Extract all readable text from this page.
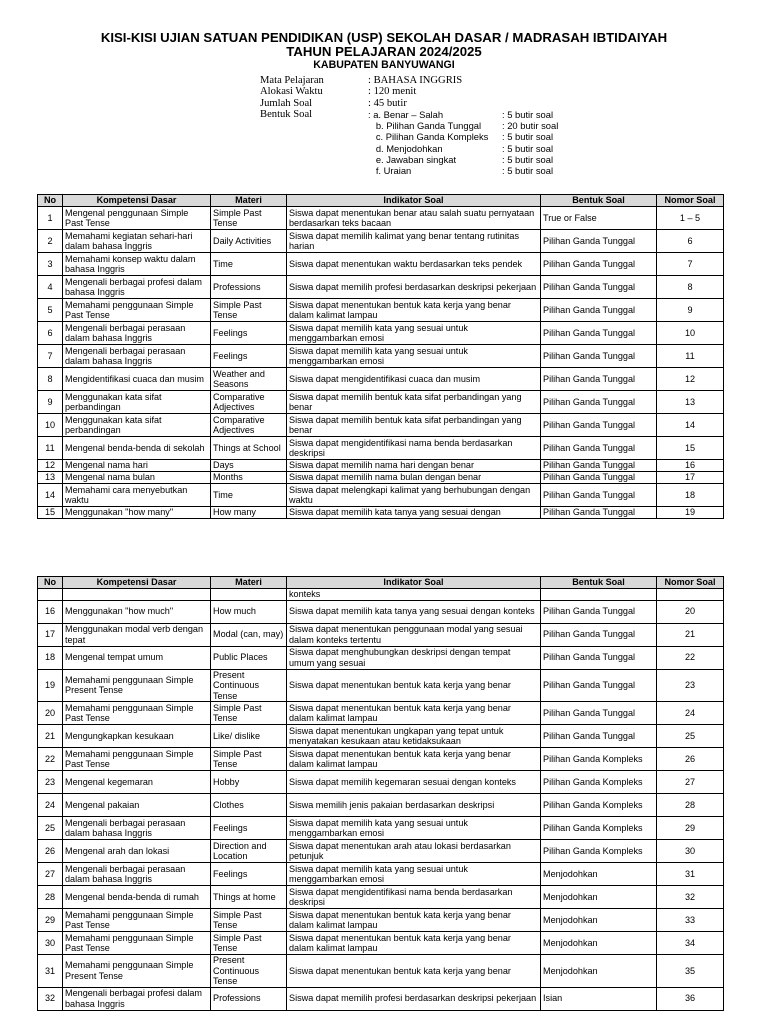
KISI-KISI UJIAN SATUAN PENDIDIKAN (USP) SEKOLAH DASAR / MADRASAH IBTIDAIYAH
TAHUN PELAJARAN 2024/2025
KABUPATEN BANYUWANGI
Mata Pelajaran	: BAHASA INGGRIS
Alokasi Waktu	: 120 menit
Jumlah Soal	: 45 butir
Bentuk Soal	: a. Benar – Salah	: 5 butir soal
b. Pilihan Ganda Tunggal : 20 butir soal
c. Pilihan Ganda Kompleks : 5 butir soal
d. Menjodohkan	: 5 butir soal
e. Jawaban singkat	: 5 butir soal
f. Uraian	: 5 butir soal
No	Kompetensi Dasar	Materi	Indikator Soal	Bentuk Soal	Nomor Soal
1	Mengenal penggunaan Simple Past Tense	Simple Past Tense	Siswa dapat menentukan benar atau salah suatu pernyataan berdasarkan teks bacaan	True or False	1 – 5
2	Memahami kegiatan sehari-hari dalam bahasa Inggris	Daily Activities	Siswa dapat memilih kalimat yang benar tentang rutinitas harian	Pilihan Ganda Tunggal	6
3	Memahami konsep waktu dalam bahasa Inggris	Time	Siswa dapat menentukan waktu berdasarkan teks pendek	Pilihan Ganda Tunggal	7
4	Mengenali berbagai profesi dalam bahasa Inggris	Professions	Siswa dapat memilih profesi berdasarkan deskripsi pekerjaan	Pilihan Ganda Tunggal	8
5	Memahami penggunaan Simple Past Tense	Simple Past Tense	Siswa dapat menentukan bentuk kata kerja yang benar dalam kalimat lampau	Pilihan Ganda Tunggal	9
6	Mengenali berbagai perasaan dalam bahasa Inggris	Feelings	Siswa dapat memilih kata yang sesuai untuk menggambarkan emosi	Pilihan Ganda Tunggal	10
7	Mengenali berbagai perasaan dalam bahasa Inggris	Feelings	Siswa dapat memilih kata yang sesuai untuk menggambarkan emosi	Pilihan Ganda Tunggal	11
8	Mengidentifikasi cuaca dan musim	Weather and Seasons	Siswa dapat mengidentifikasi cuaca dan musim	Pilihan Ganda Tunggal	12
9	Menggunakan kata sifat perbandingan	Comparative Adjectives	Siswa dapat memilih bentuk kata sifat perbandingan yang benar	Pilihan Ganda Tunggal	13
10	Menggunakan kata sifat perbandingan	Comparative Adjectives	Siswa dapat memilih bentuk kata sifat perbandingan yang benar	Pilihan Ganda Tunggal	14
11	Mengenal benda-benda di sekolah	Things at School	Siswa dapat mengidentifikasi nama benda berdasarkan deskripsi	Pilihan Ganda Tunggal	15
12	Mengenal nama hari	Days	Siswa dapat memilih nama hari dengan benar	Pilihan Ganda Tunggal	16
13	Mengenal nama bulan	Months	Siswa dapat memilih nama bulan dengan benar	Pilihan Ganda Tunggal	17
14	Memahami cara menyebutkan waktu	Time	Siswa dapat melengkapi kalimat yang berhubungan dengan waktu	Pilihan Ganda Tunggal	18
15	Menggunakan "how many"	How many	Siswa dapat memilih kata tanya yang sesuai dengan	Pilihan Ganda Tunggal	19
No	Kompetensi Dasar	Materi	Indikator Soal	Bentuk Soal	Nomor Soal
			konteks		
16	Menggunakan "how much"	How much	Siswa dapat memilih kata tanya yang sesuai dengan konteks	Pilihan Ganda Tunggal	20
17	Menggunakan modal verb dengan tepat	Modal (can, may)	Siswa dapat menentukan penggunaan modal yang sesuai dalam konteks tertentu	Pilihan Ganda Tunggal	21
18	Mengenal tempat umum	Public Places	Siswa dapat menghubungkan deskripsi dengan tempat umum yang sesuai	Pilihan Ganda Tunggal	22
19	Memahami penggunaan Simple Present Tense	Present Continuous Tense	Siswa dapat menentukan bentuk kata kerja yang benar	Pilihan Ganda Tunggal	23
20	Memahami penggunaan Simple Past Tense	Simple Past Tense	Siswa dapat menentukan bentuk kata kerja yang benar dalam kalimat lampau	Pilihan Ganda Tunggal	24
21	Mengungkapkan kesukaan	Like/ dislike	Siswa dapat menentukan ungkapan yang tepat untuk menyatakan kesukaan atau ketidaksukaan	Pilihan Ganda Tunggal	25
22	Memahami penggunaan Simple Past Tense	Simple Past Tense	Siswa dapat menentukan bentuk kata kerja yang benar dalam kalimat lampau	Pilihan Ganda Kompleks	26
23	Mengenal kegemaran	Hobby	Siswa dapat memilih kegemaran sesuai dengan konteks	Pilihan Ganda Kompleks	27
24	Mengenal pakaian	Clothes	Siswa memilih jenis pakaian berdasarkan deskripsi	Pilihan Ganda Kompleks	28
25	Mengenali berbagai perasaan dalam bahasa Inggris	Feelings	Siswa dapat memilih kata yang sesuai untuk menggambarkan emosi	Pilihan Ganda Kompleks	29
26	Mengenal arah dan lokasi	Direction and Location	Siswa dapat menentukan arah atau lokasi berdasarkan petunjuk	Pilihan Ganda Kompleks	30
27	Mengenali berbagai perasaan dalam bahasa Inggris	Feelings	Siswa dapat memilih kata yang sesuai untuk menggambarkan emosi	Menjodohkan	31
28	Mengenal benda-benda di rumah	Things at home	Siswa dapat mengidentifikasi nama benda berdasarkan deskripsi	Menjodohkan	32
29	Memahami penggunaan Simple Past Tense	Simple Past Tense	Siswa dapat menentukan bentuk kata kerja yang benar dalam kalimat lampau	Menjodohkan	33
30	Memahami penggunaan Simple Past Tense	Simple Past Tense	Siswa dapat menentukan bentuk kata kerja yang benar dalam kalimat lampau	Menjodohkan	34
31	Memahami penggunaan Simple Present Tense	Present Continuous Tense	Siswa dapat menentukan bentuk kata kerja yang benar	Menjodohkan	35
32	Mengenali berbagai profesi dalam bahasa Inggris	Professions	Siswa dapat memilih profesi berdasarkan deskripsi pekerjaan	Isian	36
